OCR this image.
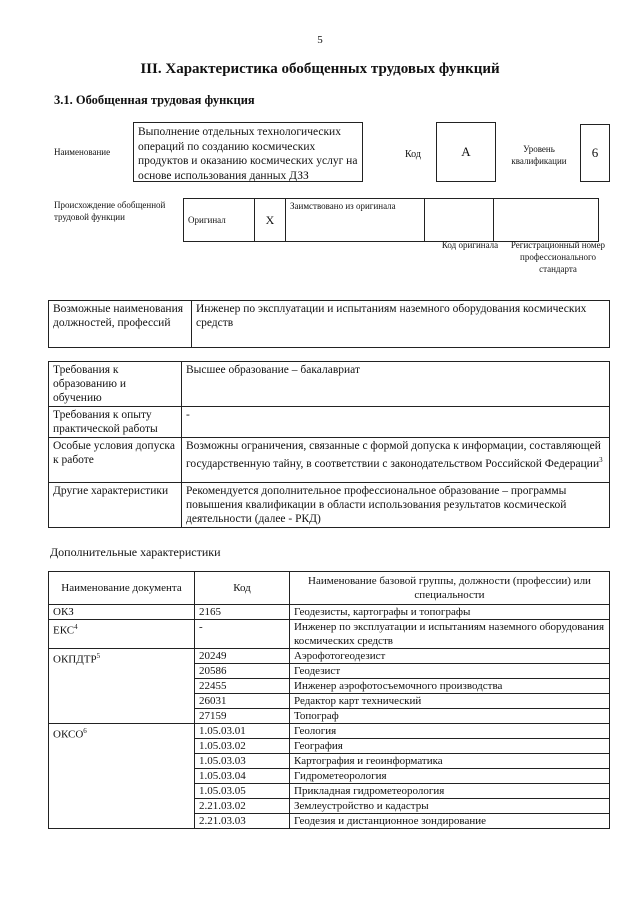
5
III. Характеристика обобщенных трудовых функций
3.1. Обобщенная трудовая функция
Наименование
Выполнение отдельных технологических операций по созданию космических продуктов и оказанию космических услуг на основе использования данных ДЗЗ
Код	A	Уровень квалификации
6
Происхождение обобщенной трудовой функции	Оригинал	X	Заимствовано из оригинала		
Код оригинала	Регистрационный номер профессионального стандарта
Возможные наименования должностей, профессий	Инженер по эксплуатации и испытаниям наземного оборудования космических средств
Требования к образованию и обучению	Высшее образование – бакалавриат
Требования к опыту практической работы	-
Особые условия допуска к работе	Возможны ограничения, связанные с формой допуска к информации, составляющей государственную тайну, в соответствии с законодательством Российской Федерации$^3$
Другие характеристики	Рекомендуется дополнительное профессиональное образование – программы повышения квалификации в области использования результатов космической деятельности (далее - РКД)
Дополнительные характеристики
Наименование документа	Код	Наименование базовой группы, должности (профессии) или специальности
ОКЗ	2165	Геодезисты, картографы и топографы
ЕКС$^4$	-	Инженер по эксплуатации и испытаниям наземного оборудования космических средств
ОКПДТР$^5$	20249	Аэрофотогеодезист
	20586	Геодезист
	22455	Инженер аэрофотосъемочного производства
	26031	Редактор карт технический
	27159	Топограф
ОКСО$^6$	1.05.03.01	Геология
	1.05.03.02	География
	1.05.03.03	Картография и геоинформатика
	1.05.03.04	Гидрометеорология
	1.05.03.05	Прикладная гидрометеорология
	2.21.03.02	Землеустройство и кадастры
	2.21.03.03	Геодезия и дистанционное зондирование
